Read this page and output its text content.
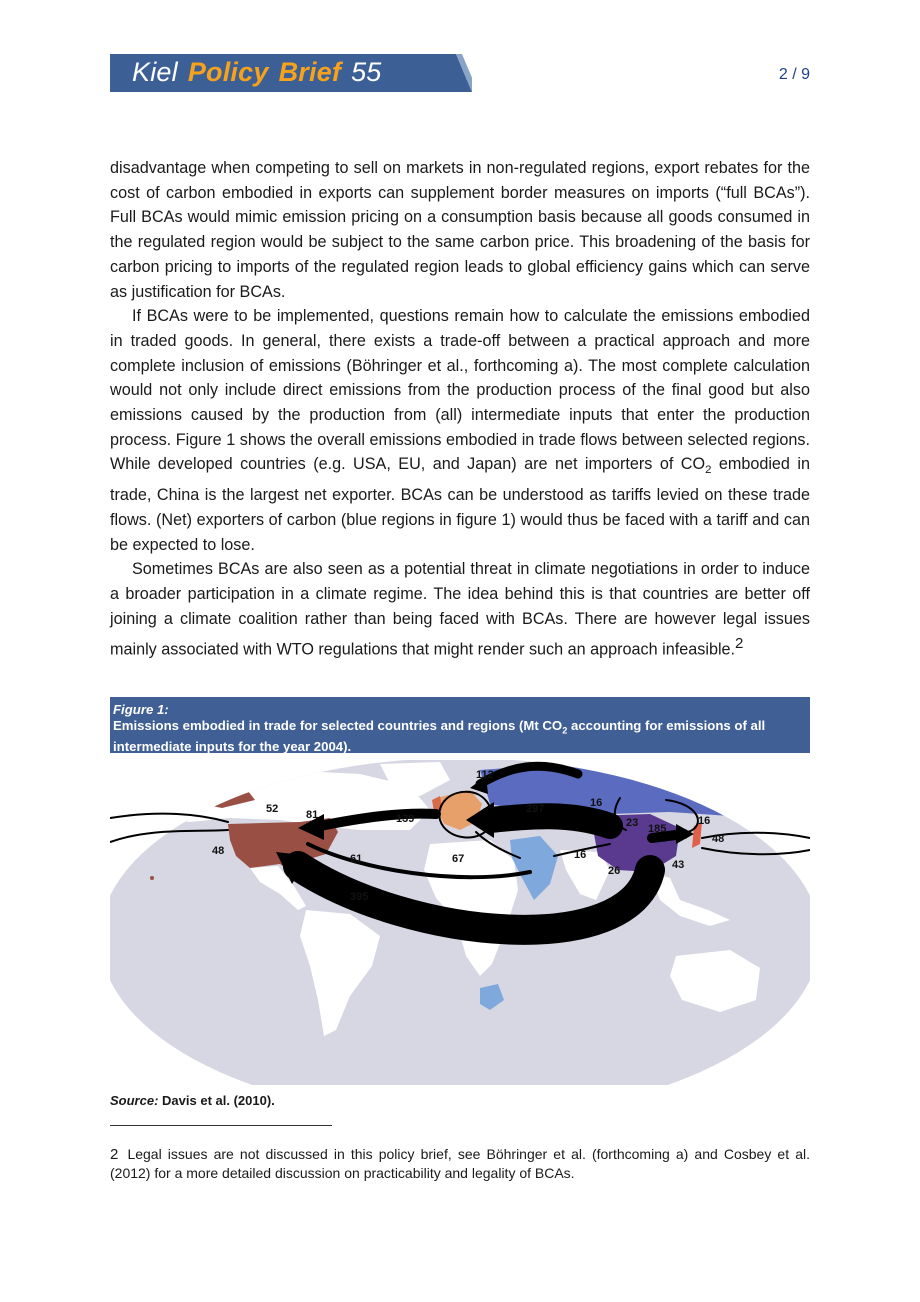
Kiel Policy Brief 55	2 / 9

disadvantage when competing to sell on markets in non-regulated regions, export rebates for the cost of carbon embodied in exports can supplement border measures on imports (“full BCAs”). Full BCAs would mimic emission pricing on a consumption basis because all goods consumed in the regulated region would be subject to the same carbon price. This broadening of the basis for carbon pricing to imports of the regulated region leads to global efficiency gains which can serve as justification for BCAs.

If BCAs were to be implemented, questions remain how to calculate the emissions embodied in traded goods. In general, there exists a trade-off between a practical approach and more complete inclusion of emissions (Böhringer et al., forthcoming a). The most complete calculation would not only include direct emissions from the production process of the final good but also emissions caused by the production from (all) intermediate inputs that enter the production process. Figure 1 shows the overall emissions embodied in trade flows between selected regions. While developed countries (e.g. USA, EU, and Japan) are net importers of $CO_2$ embodied in trade, China is the largest net exporter. BCAs can be understood as tariffs levied on these trade flows. (Net) exporters of carbon (blue regions in figure 1) would thus be faced with a tariff and can be expected to lose.

Sometimes BCAs are also seen as a potential threat in climate negotiations in order to induce a broader participation in a climate regime. The idea behind this is that countries are better off joining a climate coalition rather than being faced with BCAs. There are however legal issues mainly associated with WTO regulations that might render such an approach infeasible.$^2$

Figure 1:
Emissions embodied in trade for selected countries and regions (Mt $CO_2$ accounting for emissions of all intermediate inputs for the year 2004).
112
52	81	139
297	16
23 185
16
48
48
61	67	16
26	43
395
Source: Davis et al. (2010).
2 Legal issues are not discussed in this policy brief, see Böhringer et al. (forthcoming a) and Cosbey et al. (2012) for a more detailed discussion on practicability and legality of BCAs.
